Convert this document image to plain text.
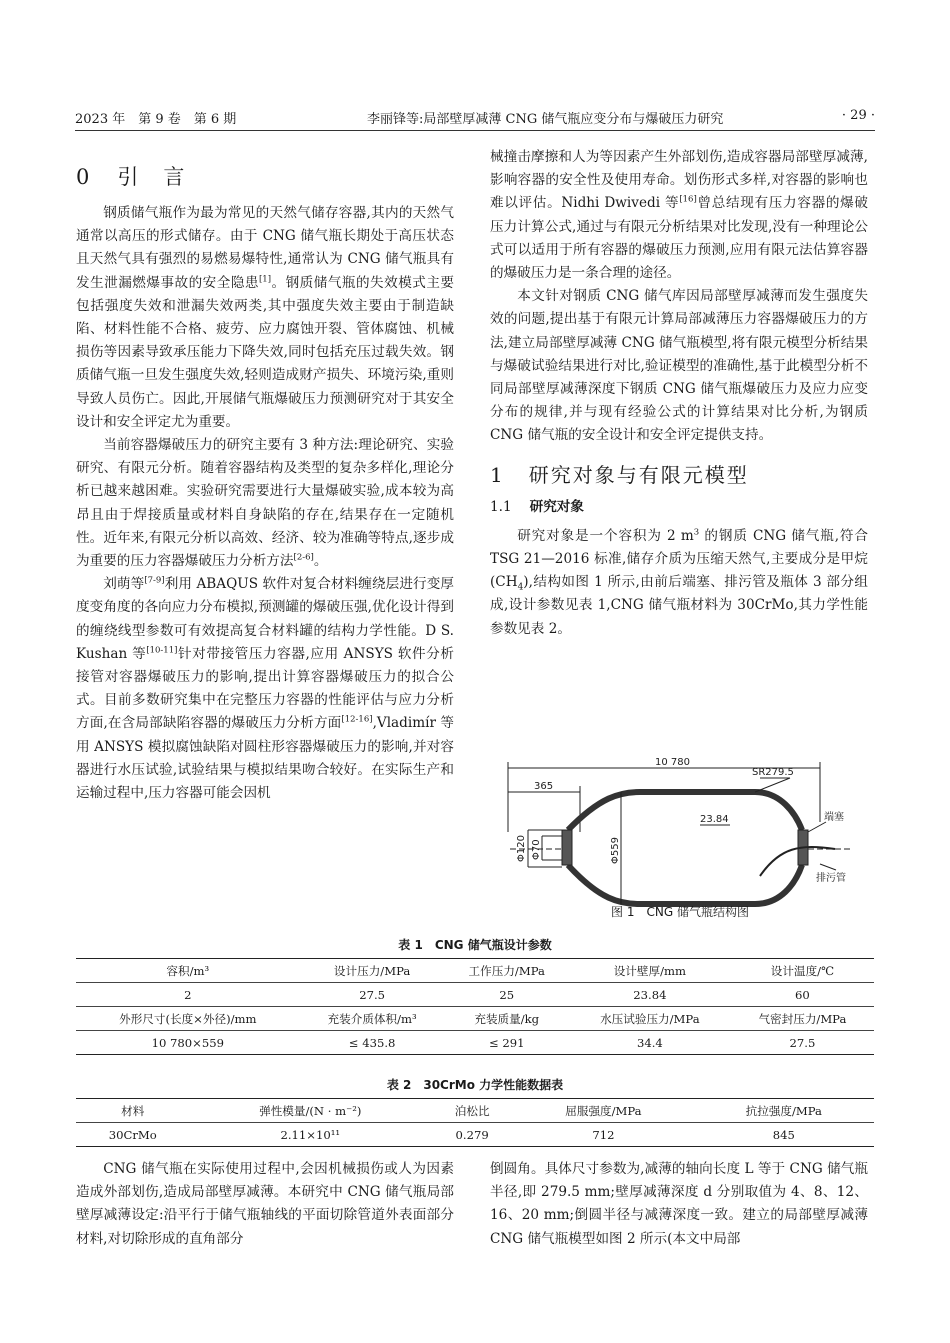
2023 年　第 9 卷　第 6 期	李丽锋等:局部壁厚减薄 CNG 储气瓶应变分布与爆破压力研究	· 29 ·
0 引　言

钢质储气瓶作为最为常见的天然气储存容器,其内的天然气通常以高压的形式储存。由于 CNG 储气瓶长期处于高压状态且天然气具有强烈的易燃易爆特性,通常认为 CNG 储气瓶具有发生泄漏燃爆事故的安全隐患[1]。钢质储气瓶的失效模式主要包括强度失效和泄漏失效两类,其中强度失效主要由于制造缺陷、材料性能不合格、疲劳、应力腐蚀开裂、管体腐蚀、机械损伤等因素导致承压能力下降失效,同时包括充压过载失效。钢质储气瓶一旦发生强度失效,轻则造成财产损失、环境污染,重则导致人员伤亡。因此,开展储气瓶爆破压力预测研究对于其安全设计和安全评定尤为重要。

当前容器爆破压力的研究主要有 3 种方法:理论研究、实验研究、有限元分析。随着容器结构及类型的复杂多样化,理论分析已越来越困难。实验研究需要进行大量爆破实验,成本较为高昂且由于焊接质量或材料自身缺陷的存在,结果存在一定随机性。近年来,有限元分析以高效、经济、较为准确等特点,逐步成为重要的压力容器爆破压力分析方法[2-6]。

刘萌等[7-9]利用 ABAQUS 软件对复合材料缠绕层进行变厚度变角度的各向应力分布模拟,预测罐的爆破压强,优化设计得到的缠绕线型参数可有效提高复合材料罐的结构力学性能。D S. Kushan 等[10-11]针对带接管压力容器,应用 ANSYS 软件分析接管对容器爆破压力的影响,提出计算容器爆破压力的拟合公式。目前多数研究集中在完整压力容器的性能评估与应力分析方面,在含局部缺陷容器的爆破压力分析方面[12-16],Vladimír 等用 ANSYS 模拟腐蚀缺陷对圆柱形容器爆破压力的影响,并对容器进行水压试验,试验结果与模拟结果吻合较好。在实际生产和运输过程中,压力容器可能会因机

械撞击摩擦和人为等因素产生外部划伤,造成容器局部壁厚减薄,影响容器的安全性及使用寿命。划伤形式多样,对容器的影响也难以评估。Nidhi Dwivedi 等[16]曾总结现有压力容器的爆破压力计算公式,通过与有限元分析结果对比发现,没有一种理论公式可以适用于所有容器的爆破压力预测,应用有限元法估算容器的爆破压力是一条合理的途径。

本文针对钢质 CNG 储气库因局部壁厚减薄而发生强度失效的问题,提出基于有限元计算局部减薄压力容器爆破压力的方法,建立局部壁厚减薄 CNG 储气瓶模型,将有限元模型分析结果与爆破试验结果进行对比,验证模型的准确性,基于此模型分析不同局部壁厚减薄深度下钢质 CNG 储气瓶爆破压力及应力应变分布的规律,并与现有经验公式的计算结果对比分析,为钢质 CNG 储气瓶的安全设计和安全评定提供支持。

1 研究对象与有限元模型
1.1 研究对象

研究对象是一个容积为 2 $m^3$ 的钢质 CNG 储气瓶,符合 TSG 21—2016 标准,储存介质为压缩天然气,主要成分是甲烷$(CH_4)$,结构如图 1 所示,由前后端塞、排污管及瓶体 3 部分组成,设计参数见表 1,CNG 储气瓶材料为 30CrMo,其力学性能参数见表 2。

10 780
365
SR279.5
23.84
Φ120 Φ70	Φ559
端塞
排污管
图 1　CNG 储气瓶结构图
表 1　CNG 储气瓶设计参数
容积/m³	设计压力/MPa	工作压力/MPa	设计壁厚/mm	设计温度/℃
2	27.5	25	23.84	60
外形尺寸(长度×外径)/mm	充装介质体积/m³	充装质量/kg	水压试验压力/MPa	气密封压力/MPa
10 780×559	≤ 435.8	≤ 291	34.4	27.5
表 2　30CrMo 力学性能数据表
材料	弹性模量/(N · m⁻²)	泊松比	屈服强度/MPa	抗拉强度/MPa
30CrMo	2.11×10¹¹	0.279	712	845

CNG 储气瓶在实际使用过程中,会因机械损伤或人为因素造成外部划伤,造成局部壁厚减薄。本研究中 CNG 储气瓶局部壁厚减薄设定:沿平行于储气瓶轴线的平面切除管道外表面部分材料,对切除形成的直角部分

倒圆角。具体尺寸参数为,减薄的轴向长度 L 等于 CNG 储气瓶半径,即 279.5 mm;壁厚减薄深度 d 分别取值为 4、8、12、16、20 mm;倒圆半径与减薄深度一致。建立的局部壁厚减薄 CNG 储气瓶模型如图 2 所示(本文中局部
